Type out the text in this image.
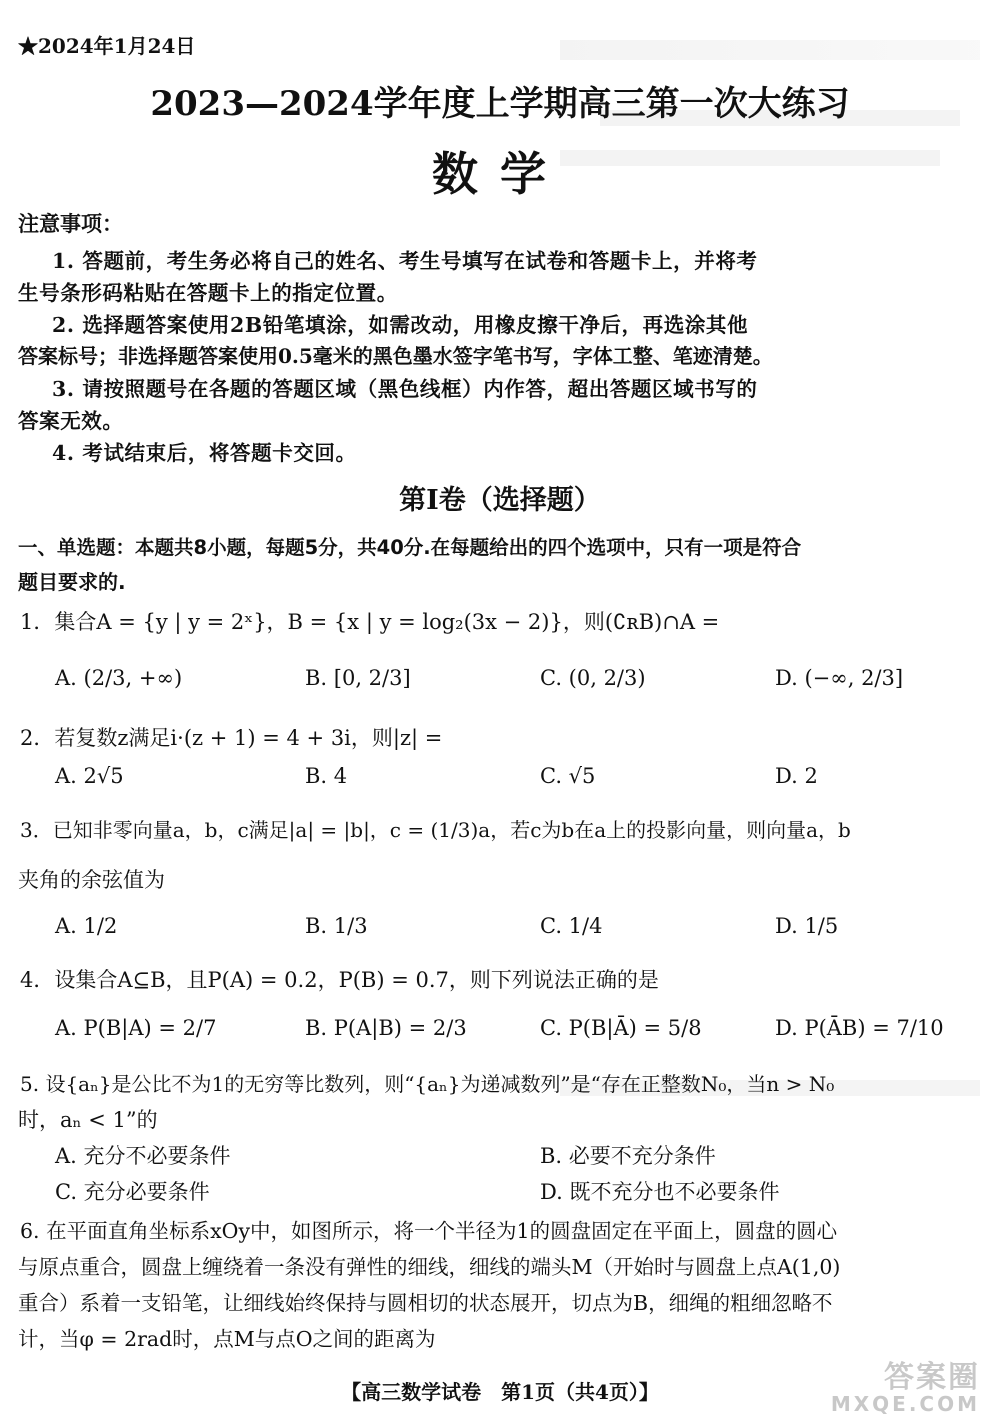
★2024年1月24日
2023—2024学年度上学期高三第一次大练习
数学
注意事项：
1. 答题前，考生务必将自己的姓名、考生号填写在试卷和答题卡上，并将考
生号条形码粘贴在答题卡上的指定位置。
2. 选择题答案使用2B铅笔填涂，如需改动，用橡皮擦干净后，再选涂其他
答案标号；非选择题答案使用0.5毫米的黑色墨水签字笔书写，字体工整、笔迹清楚。
3. 请按照题号在各题的答题区域（黑色线框）内作答，超出答题区域书写的
答案无效。
4. 考试结束后，将答题卡交回。
第I卷（选择题）
一、单选题：本题共8小题，每题5分，共40分.在每题给出的四个选项中，只有一项是符合
题目要求的.
1．集合A = {y | y = 2ˣ}，B = {x | y = log₂(3x − 2)}，则(∁ʀB)∩A =
A. (2/3, +∞)	B. [0, 2/3]	C. (0, 2/3)	D. (−∞, 2/3]
2．若复数z满足i·(z + 1) = 4 + 3i，则|z| =
A. 2√5	B. 4	C. √5	D. 2
3．已知非零向量a，b，c满足|a| = |b|，c = (1/3)a，若c为b在a上的投影向量，则向量a，b
夹角的余弦值为
A. 1/2	B. 1/3	C. 1/4	D. 1/5
4．设集合A⊆B，且P(A) = 0.2，P(B) = 0.7，则下列说法正确的是
A. P(B|A) = 2/7	B. P(A|B) = 2/3	C. P(B|Ā) = 5/8	D. P(ĀB) = 7/10
5. 设{aₙ}是公比不为1的无穷等比数列，则“{aₙ}为递减数列”是“存在正整数N₀，当n > N₀
时，aₙ < 1”的
A. 充分不必要条件	B. 必要不充分条件
C. 充分必要条件	D. 既不充分也不必要条件
6. 在平面直角坐标系xOy中，如图所示，将一个半径为1的圆盘固定在平面上，圆盘的圆心
与原点重合，圆盘上缠绕着一条没有弹性的细线，细线的端头M（开始时与圆盘上点A(1,0)
重合）系着一支铅笔，让细线始终保持与圆相切的状态展开，切点为B，细绳的粗细忽略不
计，当φ = 2rad时，点M与点O之间的距离为
【高三数学试卷　第1页（共4页）】	答案圈
MXQE.COM
